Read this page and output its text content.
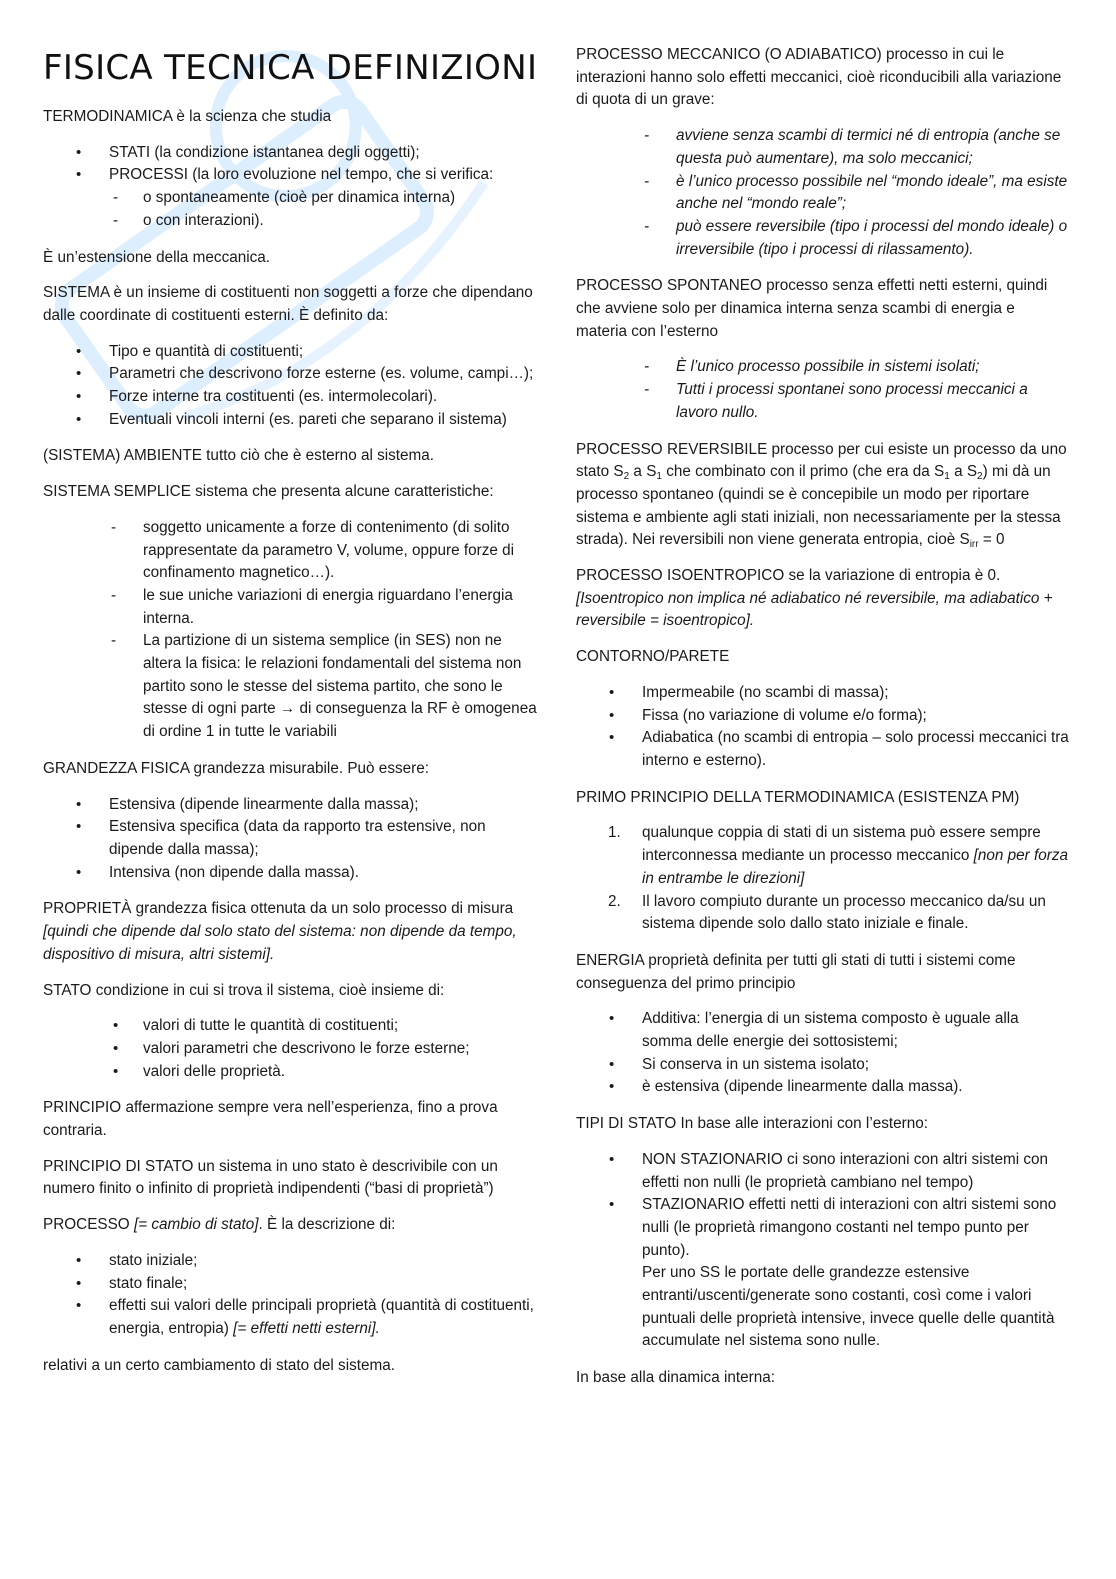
FISICA TECNICA DEFINIZIONI

TERMODINAMICA è la scienza che studia

• STATI (la condizione istantanea degli oggetti);
• PROCESSI (la loro evoluzione nel tempo, che si verifica:
- o spontaneamente (cioè per dinamica interna)
- o con interazioni).

È un’estensione della meccanica.

SISTEMA è un insieme di costituenti non soggetti a forze che dipendano dalle coordinate di costituenti esterni. È definito da:

• Tipo e quantità di costituenti;
• Parametri che descrivono forze esterne (es. volume, campi…);
• Forze interne tra costituenti (es. intermolecolari).
• Eventuali vincoli interni (es. pareti che separano il sistema)

(SISTEMA) AMBIENTE tutto ciò che è esterno al sistema.

SISTEMA SEMPLICE sistema che presenta alcune caratteristiche:

- soggetto unicamente a forze di contenimento (di solito rappresentate da parametro V, volume, oppure forze di confinamento magnetico…).
- le sue uniche variazioni di energia riguardano l’energia interna.
- La partizione di un sistema semplice (in SES) non ne altera la fisica: le relazioni fondamentali del sistema non partito sono le stesse del sistema partito, che sono le stesse di ogni parte → di conseguenza la RF è omogenea di ordine 1 in tutte le variabili

GRANDEZZA FISICA grandezza misurabile. Può essere:

• Estensiva (dipende linearmente dalla massa);
• Estensiva specifica (data da rapporto tra estensive, non dipende dalla massa);
• Intensiva (non dipende dalla massa).

PROPRIETÀ grandezza fisica ottenuta da un solo processo di misura [quindi che dipende dal solo stato del sistema: non dipende da tempo, dispositivo di misura, altri sistemi].

STATO condizione in cui si trova il sistema, cioè insieme di:

• valori di tutte le quantità di costituenti;
• valori parametri che descrivono le forze esterne;
• valori delle proprietà.

PRINCIPIO affermazione sempre vera nell’esperienza, fino a prova contraria.

PRINCIPIO DI STATO un sistema in uno stato è descrivibile con un numero finito o infinito di proprietà indipendenti (“basi di proprietà”)

PROCESSO [= cambio di stato]. È la descrizione di:

• stato iniziale;
• stato finale;
• effetti sui valori delle principali proprietà (quantità di costituenti, energia, entropia) [= effetti netti esterni].

relativi a un certo cambiamento di stato del sistema.

PROCESSO MECCANICO (O ADIABATICO) processo in cui le interazioni hanno solo effetti meccanici, cioè riconducibili alla variazione di quota di un grave:

- avviene senza scambi di termici né di entropia (anche se questa può aumentare), ma solo meccanici;
- è l’unico processo possibile nel “mondo ideale”, ma esiste anche nel “mondo reale”;
- può essere reversibile (tipo i processi del mondo ideale) o irreversibile (tipo i processi di rilassamento).

PROCESSO SPONTANEO processo senza effetti netti esterni, quindi che avviene solo per dinamica interna senza scambi di energia e materia con l’esterno

- È l’unico processo possibile in sistemi isolati;
- Tutti i processi spontanei sono processi meccanici a lavoro nullo.

PROCESSO REVERSIBILE processo per cui esiste un processo da uno stato $S_2$ a $S_1$ che combinato con il primo (che era da $S_1$ a $S_2$) mi dà un processo spontaneo (quindi se è concepibile un modo per riportare sistema e ambiente agli stati iniziali, non necessariamente per la stessa strada). Nei reversibili non viene generata entropia, cioè $S_{irr} = 0$

PROCESSO ISOENTROPICO se la variazione di entropia è 0.
[Isoentropico non implica né adiabatico né reversibile, ma adiabatico + reversibile = isoentropico].

CONTORNO/PARETE

• Impermeabile (no scambi di massa);
• Fissa (no variazione di volume e/o forma);
• Adiabatica (no scambi di entropia – solo processi meccanici tra interno e esterno).

PRIMO PRINCIPIO DELLA TERMODINAMICA (ESISTENZA PM)

1. qualunque coppia di stati di un sistema può essere sempre interconnessa mediante un processo meccanico [non per forza in entrambe le direzioni]
2. Il lavoro compiuto durante un processo meccanico da/su un sistema dipende solo dallo stato iniziale e finale.

ENERGIA proprietà definita per tutti gli stati di tutti i sistemi come conseguenza del primo principio

• Additiva: l’energia di un sistema composto è uguale alla somma delle energie dei sottosistemi;
• Si conserva in un sistema isolato;
• è estensiva (dipende linearmente dalla massa).

TIPI DI STATO In base alle interazioni con l’esterno:

• NON STAZIONARIO ci sono interazioni con altri sistemi con effetti non nulli (le proprietà cambiano nel tempo)
• STAZIONARIO effetti netti di interazioni con altri sistemi sono nulli (le proprietà rimangono costanti nel tempo punto per punto).
Per uno SS le portate delle grandezze estensive entranti/uscenti/generate sono costanti, così come i valori puntuali delle proprietà intensive, invece quelle delle quantità accumulate nel sistema sono nulle.

In base alla dinamica interna:
